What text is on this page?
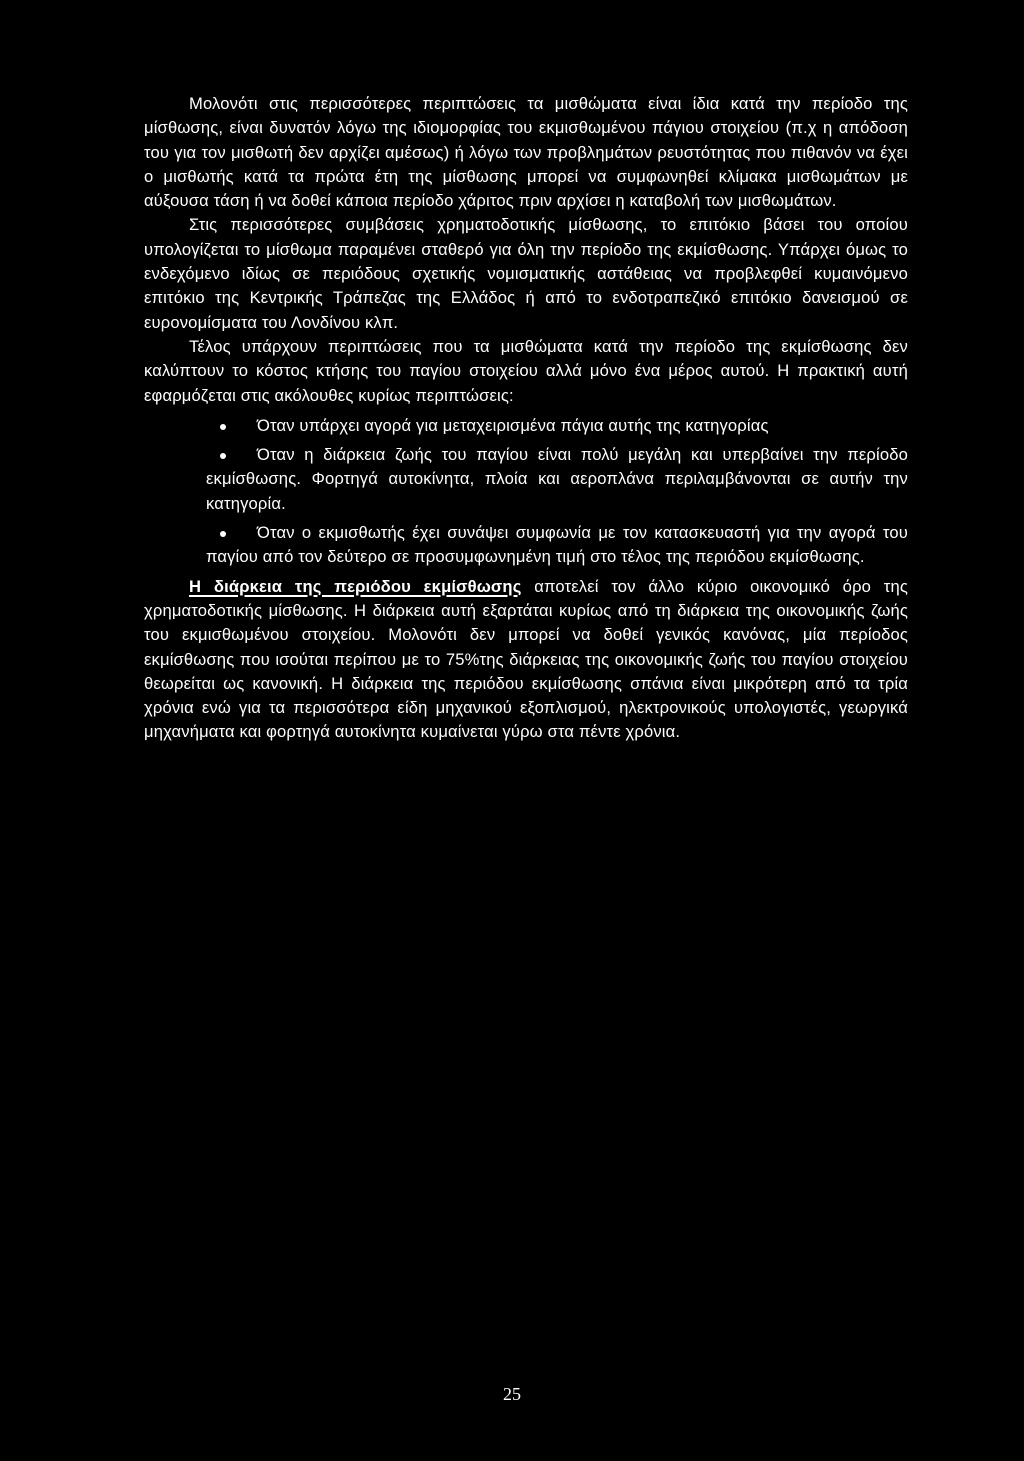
Μολονότι στις περισσότερες περιπτώσεις τα μισθώματα είναι ίδια κατά την περίοδο της μίσθωσης, είναι δυνατόν λόγω της ιδιομορφίας του εκμισθωμένου πάγιου στοιχείου (π.χ η απόδοση του για τον μισθωτή δεν αρχίζει αμέσως) ή λόγω των προβλημάτων ρευστότητας που πιθανόν να έχει ο μισθωτής κατά τα πρώτα έτη της μίσθωσης μπορεί να συμφωνηθεί κλίμακα μισθωμάτων με αύξουσα τάση ή να δοθεί κάποια περίοδο χάριτος πριν αρχίσει η καταβολή των μισθωμάτων.

Στις περισσότερες συμβάσεις χρηματοδοτικής μίσθωσης, το επιτόκιο βάσει του οποίου υπολογίζεται το μίσθωμα παραμένει σταθερό για όλη την περίοδο της εκμίσθωσης. Υπάρχει όμως το ενδεχόμενο ιδίως σε περιόδους σχετικής νομισματικής αστάθειας να προβλεφθεί κυμαινόμενο επιτόκιο της Κεντρικής Τράπεζας της Ελλάδος ή από το ενδοτραπεζικό επιτόκιο δανεισμού σε ευρονομίσματα του Λονδίνου κλπ.

Τέλος υπάρχουν περιπτώσεις που τα μισθώματα κατά την περίοδο της εκμίσθωσης δεν καλύπτουν το κόστος κτήσης του παγίου στοιχείου αλλά μόνο ένα μέρος αυτού. Η πρακτική αυτή εφαρμόζεται στις ακόλουθες κυρίως περιπτώσεις:

Όταν υπάρχει αγορά για μεταχειρισμένα πάγια αυτής της κατηγορίας
Όταν η διάρκεια ζωής του παγίου είναι πολύ μεγάλη και υπερβαίνει την περίοδο εκμίσθωσης. Φορτηγά αυτοκίνητα, πλοία και αεροπλάνα περιλαμβάνονται σε αυτήν την κατηγορία.
Όταν ο εκμισθωτής έχει συνάψει συμφωνία με τον κατασκευαστή για την αγορά του παγίου από τον δεύτερο σε προσυμφωνημένη τιμή στο τέλος της περιόδου εκμίσθωσης.

Η διάρκεια της περιόδου εκμίσθωσης αποτελεί τον άλλο κύριο οικονομικό όρο της χρηματοδοτικής μίσθωσης. Η διάρκεια αυτή εξαρτάται κυρίως από τη διάρκεια της οικονομικής ζωής του εκμισθωμένου στοιχείου. Μολονότι δεν μπορεί να δοθεί γενικός κανόνας, μία περίοδος εκμίσθωσης που ισούται περίπου με το 75%της διάρκειας της οικονομικής ζωής του παγίου στοιχείου θεωρείται ως κανονική. Η διάρκεια της περιόδου εκμίσθωσης σπάνια είναι μικρότερη από τα τρία χρόνια ενώ για τα περισσότερα είδη μηχανικού εξοπλισμού, ηλεκτρονικούς υπολογιστές, γεωργικά μηχανήματα και φορτηγά αυτοκίνητα κυμαίνεται γύρω στα πέντε χρόνια.

25
